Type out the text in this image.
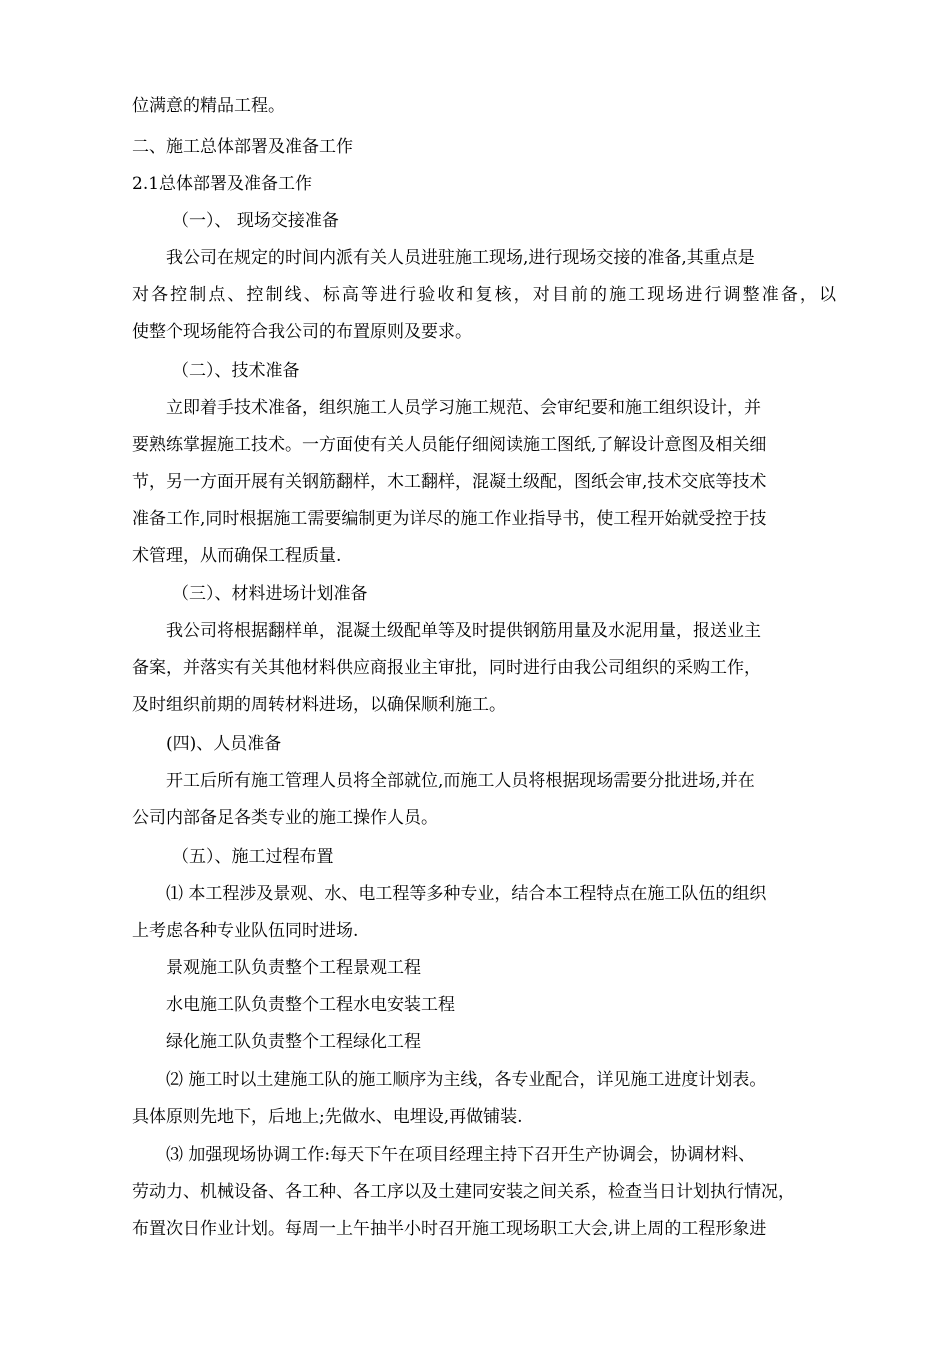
位满意的精品工程。
二、施工总体部署及准备工作
2.1总体部署及准备工作
（一）、 现场交接准备
我公司在规定的时间内派有关人员进驻施工现场,进行现场交接的准备,其重点是
对各控制点、控制线、标高等进行验收和复核，对目前的施工现场进行调整准备，以
使整个现场能符合我公司的布置原则及要求。
（二）、技术准备
立即着手技术准备，组织施工人员学习施工规范、会审纪要和施工组织设计，并
要熟练掌握施工技术。一方面使有关人员能仔细阅读施工图纸,了解设计意图及相关细
节，另一方面开展有关钢筋翻样，木工翻样，混凝土级配，图纸会审,技术交底等技术
准备工作,同时根据施工需要编制更为详尽的施工作业指导书，使工程开始就受控于技
术管理，从而确保工程质量.
（三）、材料进场计划准备
我公司将根据翻样单，混凝土级配单等及时提供钢筋用量及水泥用量，报送业主
备案，并落实有关其他材料供应商报业主审批，同时进行由我公司组织的采购工作，
及时组织前期的周转材料进场，以确保顺利施工。
(四)、人员准备
开工后所有施工管理人员将全部就位,而施工人员将根据现场需要分批进场,并在
公司内部备足各类专业的施工操作人员。
（五）、施工过程布置
⑴ 本工程涉及景观、水、电工程等多种专业，结合本工程特点在施工队伍的组织
上考虑各种专业队伍同时进场.
景观施工队负责整个工程景观工程
水电施工队负责整个工程水电安装工程
绿化施工队负责整个工程绿化工程
⑵ 施工时以土建施工队的施工顺序为主线，各专业配合，详见施工进度计划表。
具体原则先地下，后地上;先做水、电埋设,再做铺装.
⑶ 加强现场协调工作:每天下午在项目经理主持下召开生产协调会，协调材料、
劳动力、机械设备、各工种、各工序以及土建同安装之间关系，检查当日计划执行情况，
布置次日作业计划。每周一上午抽半小时召开施工现场职工大会,讲上周的工程形象进
